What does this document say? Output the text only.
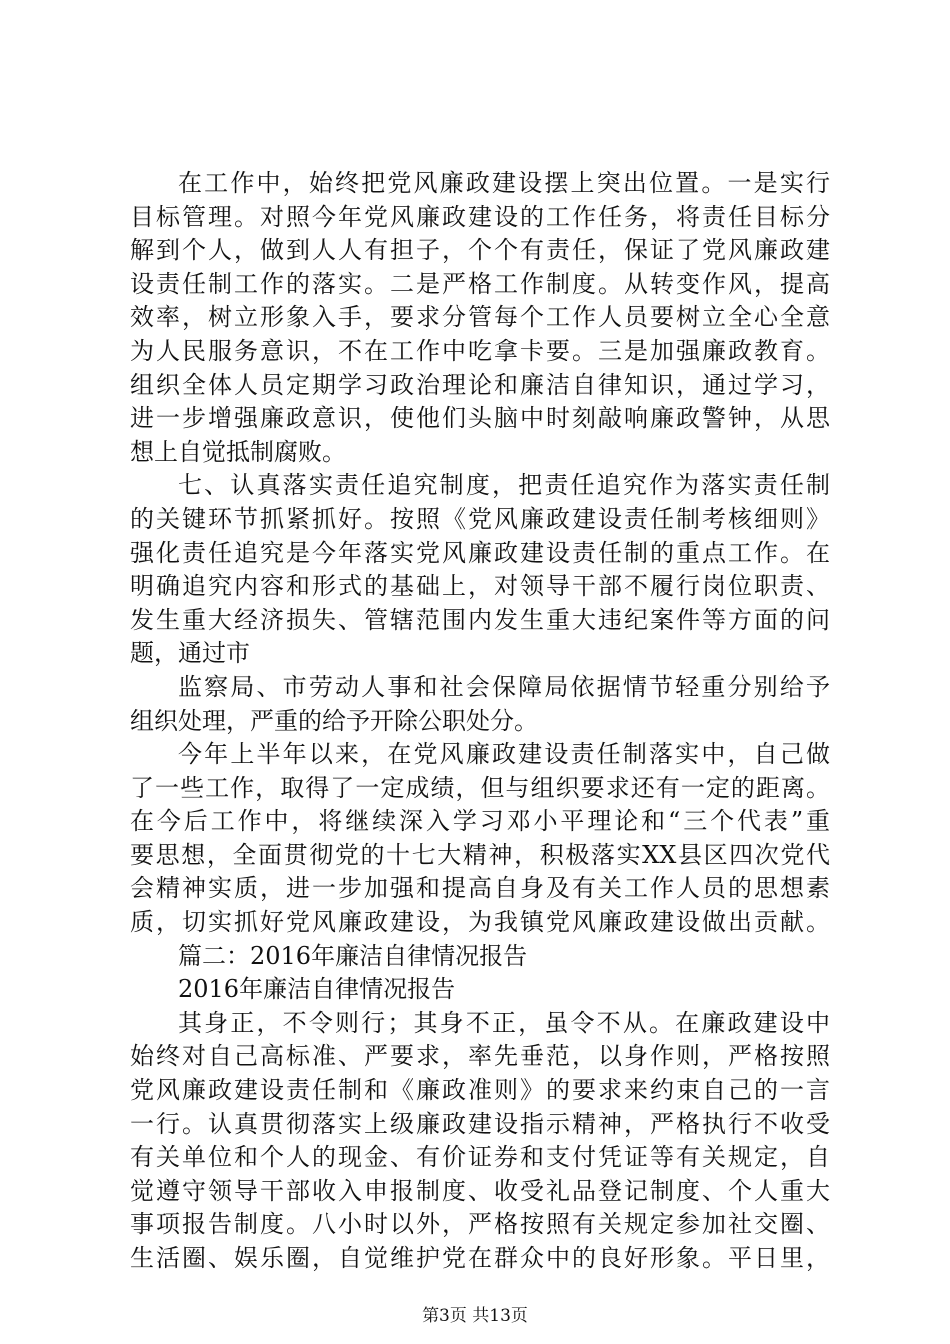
在工作中，始终把党风廉政建设摆上突出位置。一是实行
目标管理。对照今年党风廉政建设的工作任务，将责任目标分
解到个人，做到人人有担子，个个有责任，保证了党风廉政建
设责任制工作的落实。二是严格工作制度。从转变作风，提高
效率，树立形象入手，要求分管每个工作人员要树立全心全意
为人民服务意识，不在工作中吃拿卡要。三是加强廉政教育。
组织全体人员定期学习政治理论和廉洁自律知识，通过学习，
进一步增强廉政意识，使他们头脑中时刻敲响廉政警钟，从思
想上自觉抵制腐败。
七、认真落实责任追究制度，把责任追究作为落实责任制
的关键环节抓紧抓好。按照《党风廉政建设责任制考核细则》
强化责任追究是今年落实党风廉政建设责任制的重点工作。在
明确追究内容和形式的基础上，对领导干部不履行岗位职责、
发生重大经济损失、管辖范围内发生重大违纪案件等方面的问
题，通过市
监察局、市劳动人事和社会保障局依据情节轻重分别给予
组织处理，严重的给予开除公职处分。
今年上半年以来，在党风廉政建设责任制落实中，自己做
了一些工作，取得了一定成绩，但与组织要求还有一定的距离。
在今后工作中，将继续深入学习邓小平理论和“三个代表”重
要思想，全面贯彻党的十七大精神，积极落实XX县区四次党代
会精神实质，进一步加强和提高自身及有关工作人员的思想素
质，切实抓好党风廉政建设，为我镇党风廉政建设做出贡献。
篇二：2016年廉洁自律情况报告
2016年廉洁自律情况报告
其身正，不令则行；其身不正，虽令不从。在廉政建设中
始终对自己高标准、严要求，率先垂范，以身作则，严格按照
党风廉政建设责任制和《廉政准则》的要求来约束自己的一言
一行。认真贯彻落实上级廉政建设指示精神，严格执行不收受
有关单位和个人的现金、有价证券和支付凭证等有关规定，自
觉遵守领导干部收入申报制度、收受礼品登记制度、个人重大
事项报告制度。八小时以外，严格按照有关规定参加社交圈、
生活圈、娱乐圈，自觉维护党在群众中的良好形象。平日里，
第3页 共13页
